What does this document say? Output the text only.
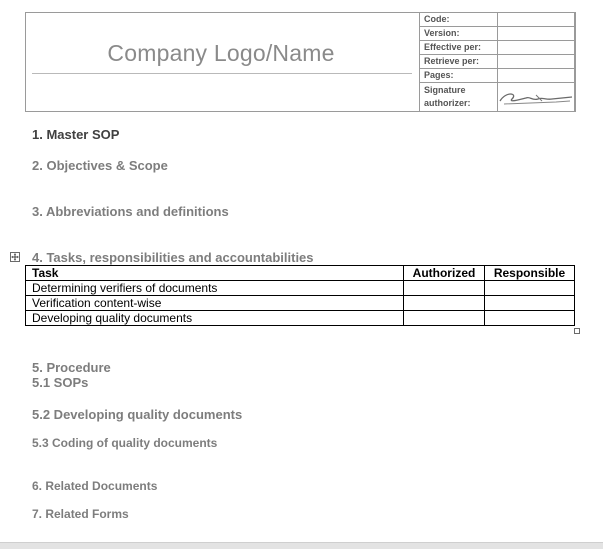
Company Logo/Name
Code:	
Version:	
Effective per:	
Retrieve per:	
Pages:	
Signature authorizer:	
1. Master SOP
2. Objectives & Scope
3. Abbreviations and definitions
4. Tasks, responsibilities and accountabilities
Task	Authorized	Responsible
Determining verifiers of documents		
Verification content-wise		
Developing quality documents		
5. Procedure
5.1 SOPs
5.2 Developing quality documents
5.3 Coding of quality documents
6. Related Documents
7. Related Forms
